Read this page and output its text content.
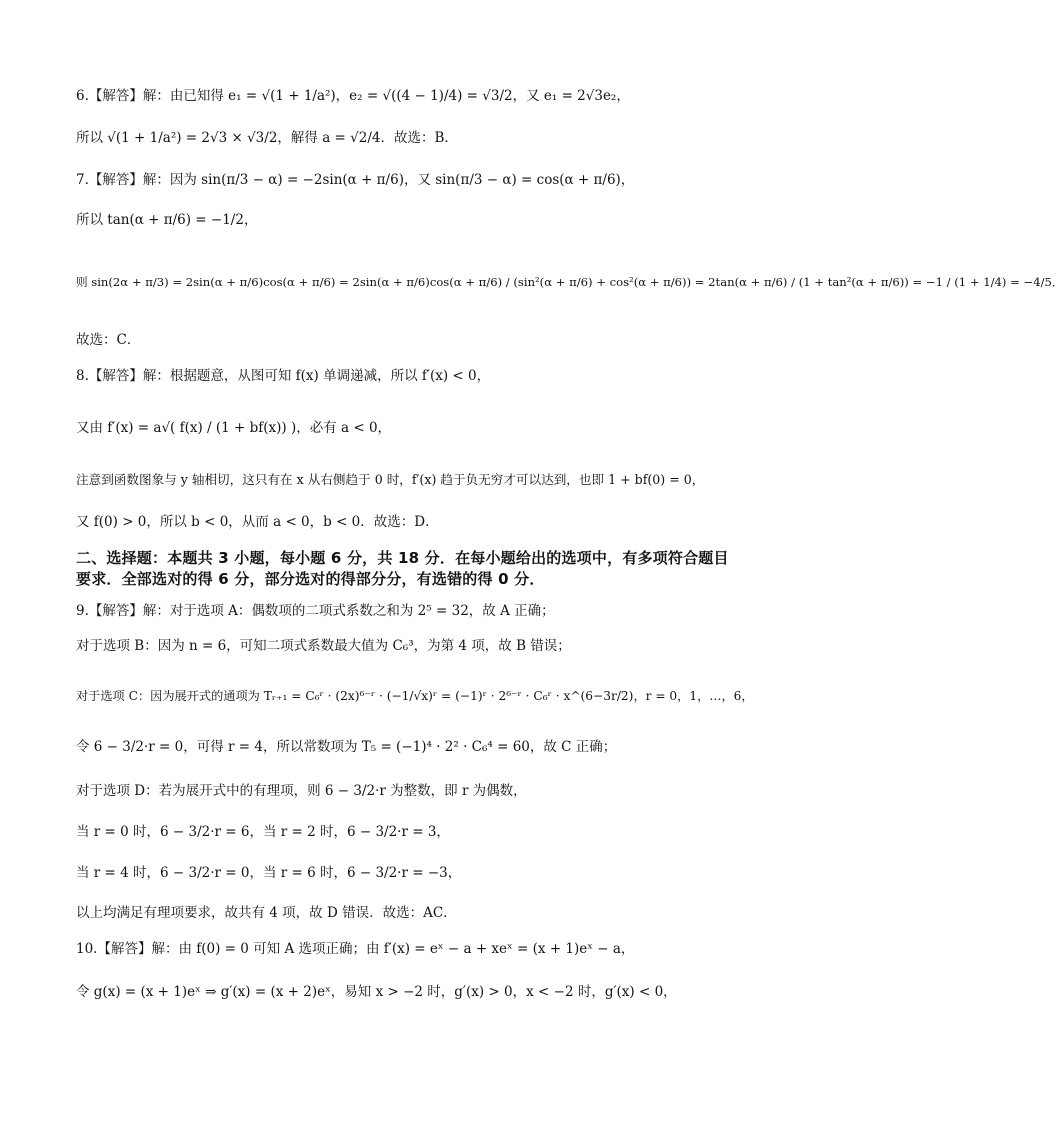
6.【解答】解：由已知得 e₁ = √(1 + 1/a²)，e₂ = √((4 − 1)/4) = √3/2，又 e₁ = 2√3e₂，
所以 √(1 + 1/a²) = 2√3 × √3/2，解得 a = √2/4．故选：B．
7.【解答】解：因为 sin(π/3 − α) = −2sin(α + π/6)，又 sin(π/3 − α) = cos(α + π/6)，
所以 tan(α + π/6) = −1/2，
则 sin(2α + π/3) = 2sin(α + π/6)cos(α + π/6) = 2sin(α + π/6)cos(α + π/6) / (sin²(α + π/6) + cos²(α + π/6)) = 2tan(α + π/6) / (1 + tan²(α + π/6)) = −1 / (1 + 1/4) = −4/5．
故选：C．
8.【解答】解：根据题意，从图可知 f(x) 单调递减，所以 f′(x) < 0，
又由 f′(x) = a√( f(x) / (1 + bf(x)) )，必有 a < 0，
注意到函数图象与 y 轴相切，这只有在 x 从右侧趋于 0 时，f′(x) 趋于负无穷才可以达到，也即 1 + bf(0) = 0，
又 f(0) > 0，所以 b < 0，从而 a < 0，b < 0．故选：D．
二、选择题：本题共 3 小题，每小题 6 分，共 18 分．在每小题给出的选项中，有多项符合题目要求．全部选对的得 6 分，部分选对的得部分分，有选错的得 0 分．
9.【解答】解：对于选项 A：偶数项的二项式系数之和为 2⁵ = 32，故 A 正确；
对于选项 B：因为 n = 6，可知二项式系数最大值为 C₆³，为第 4 项，故 B 错误；
对于选项 C：因为展开式的通项为 Tᵣ₊₁ = C₆ʳ · (2x)⁶⁻ʳ · (−1/√x)ʳ = (−1)ʳ · 2⁶⁻ʳ · C₆ʳ · x^(6−3r/2)，r = 0，1，…，6，
令 6 − 3/2·r = 0，可得 r = 4，所以常数项为 T₅ = (−1)⁴ · 2² · C₆⁴ = 60，故 C 正确；
对于选项 D：若为展开式中的有理项，则 6 − 3/2·r 为整数，即 r 为偶数，
当 r = 0 时，6 − 3/2·r = 6，当 r = 2 时，6 − 3/2·r = 3，
当 r = 4 时，6 − 3/2·r = 0，当 r = 6 时，6 − 3/2·r = −3，
以上均满足有理项要求，故共有 4 项，故 D 错误．故选：AC．
10.【解答】解：由 f(0) = 0 可知 A 选项正确；由 f′(x) = eˣ − a + xeˣ = (x + 1)eˣ − a，
令 g(x) = (x + 1)eˣ ⇒ g′(x) = (x + 2)eˣ，易知 x > −2 时，g′(x) > 0，x < −2 时，g′(x) < 0，
